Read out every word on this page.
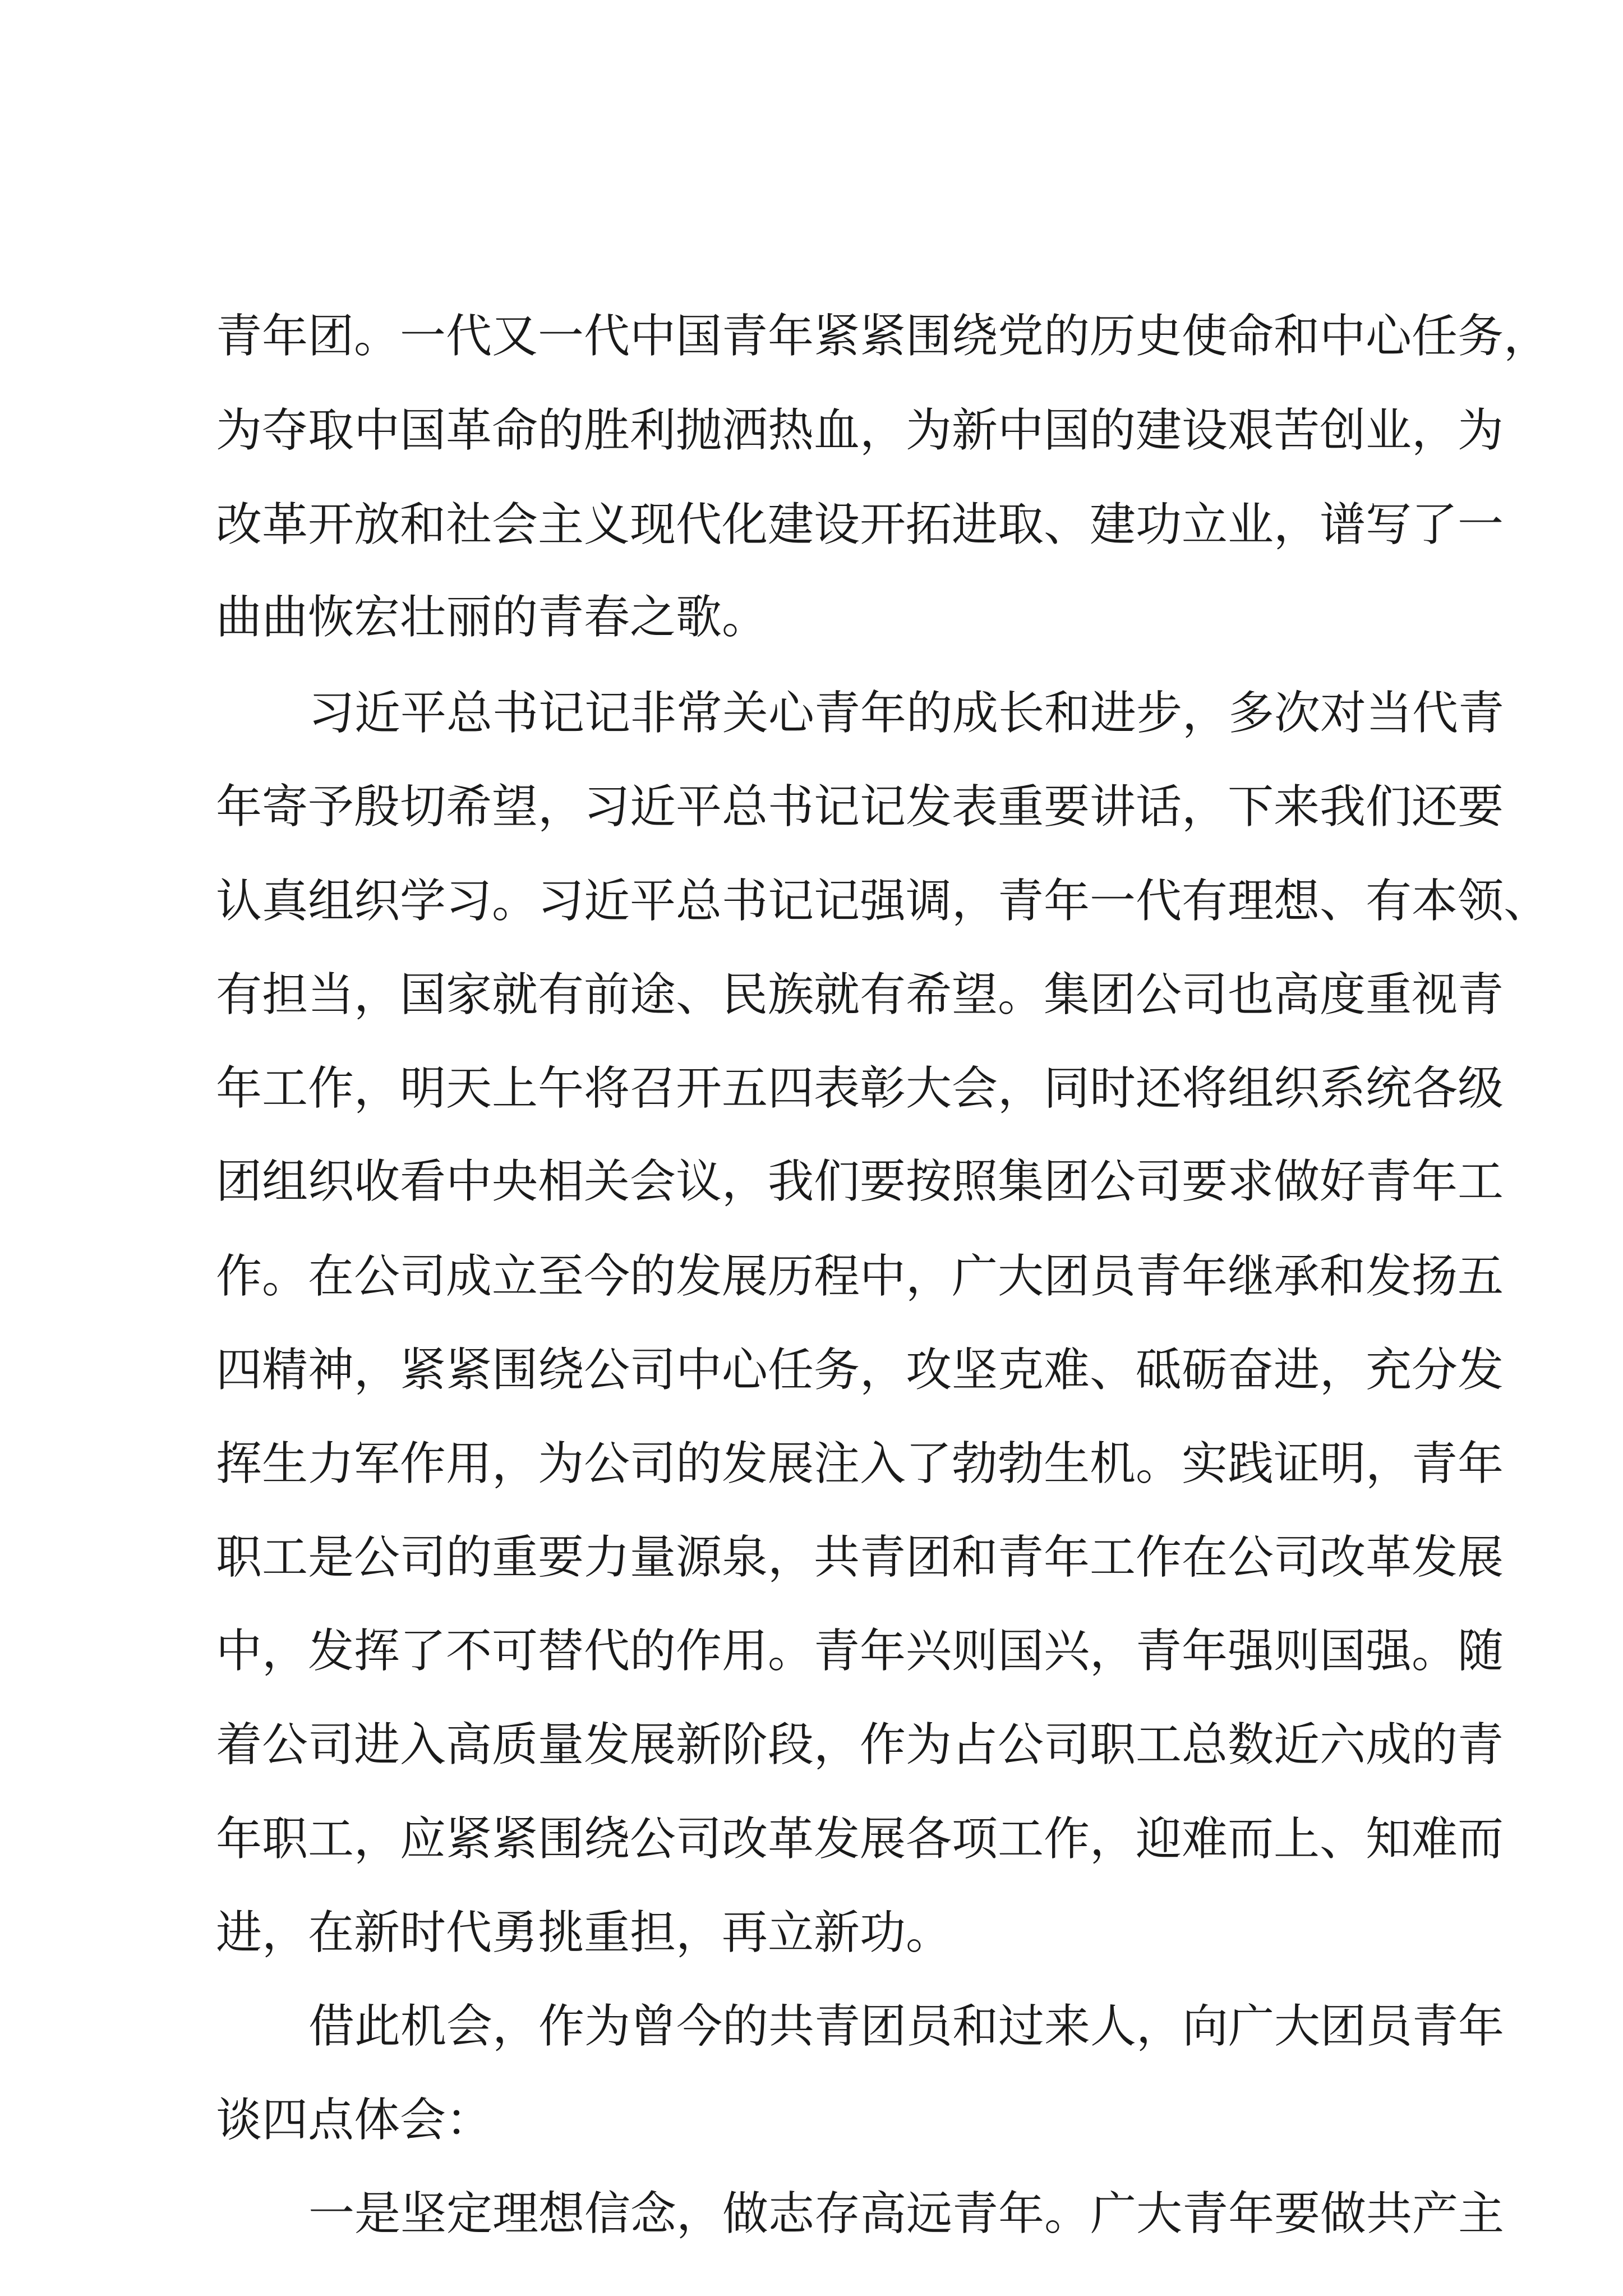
青年团。一代又一代中国青年紧紧围绕党的历史使命和中心任务，

为夺取中国革命的胜利抛洒热血，为新中国的建设艰苦创业，为

改革开放和社会主义现代化建设开拓进取、建功立业，谱写了一

曲曲恢宏壮丽的青春之歌。

习近平总书记记非常关心青年的成长和进步，多次对当代青

年寄予殷切希望，习近平总书记记发表重要讲话，下来我们还要

认真组织学习。习近平总书记记强调，青年一代有理想、有本领、

有担当，国家就有前途、民族就有希望。集团公司也高度重视青

年工作，明天上午将召开五四表彰大会，同时还将组织系统各级

团组织收看中央相关会议，我们要按照集团公司要求做好青年工

作。在公司成立至今的发展历程中，广大团员青年继承和发扬五

四精神，紧紧围绕公司中心任务，攻坚克难、砥砺奋进，充分发

挥生力军作用，为公司的发展注入了勃勃生机。实践证明，青年

职工是公司的重要力量源泉，共青团和青年工作在公司改革发展

中，发挥了不可替代的作用。青年兴则国兴，青年强则国强。随

着公司进入高质量发展新阶段，作为占公司职工总数近六成的青

年职工，应紧紧围绕公司改革发展各项工作，迎难而上、知难而

进，在新时代勇挑重担，再立新功。

借此机会，作为曾今的共青团员和过来人，向广大团员青年

谈四点体会：

一是坚定理想信念，做志存高远青年。广大青年要做共产主
